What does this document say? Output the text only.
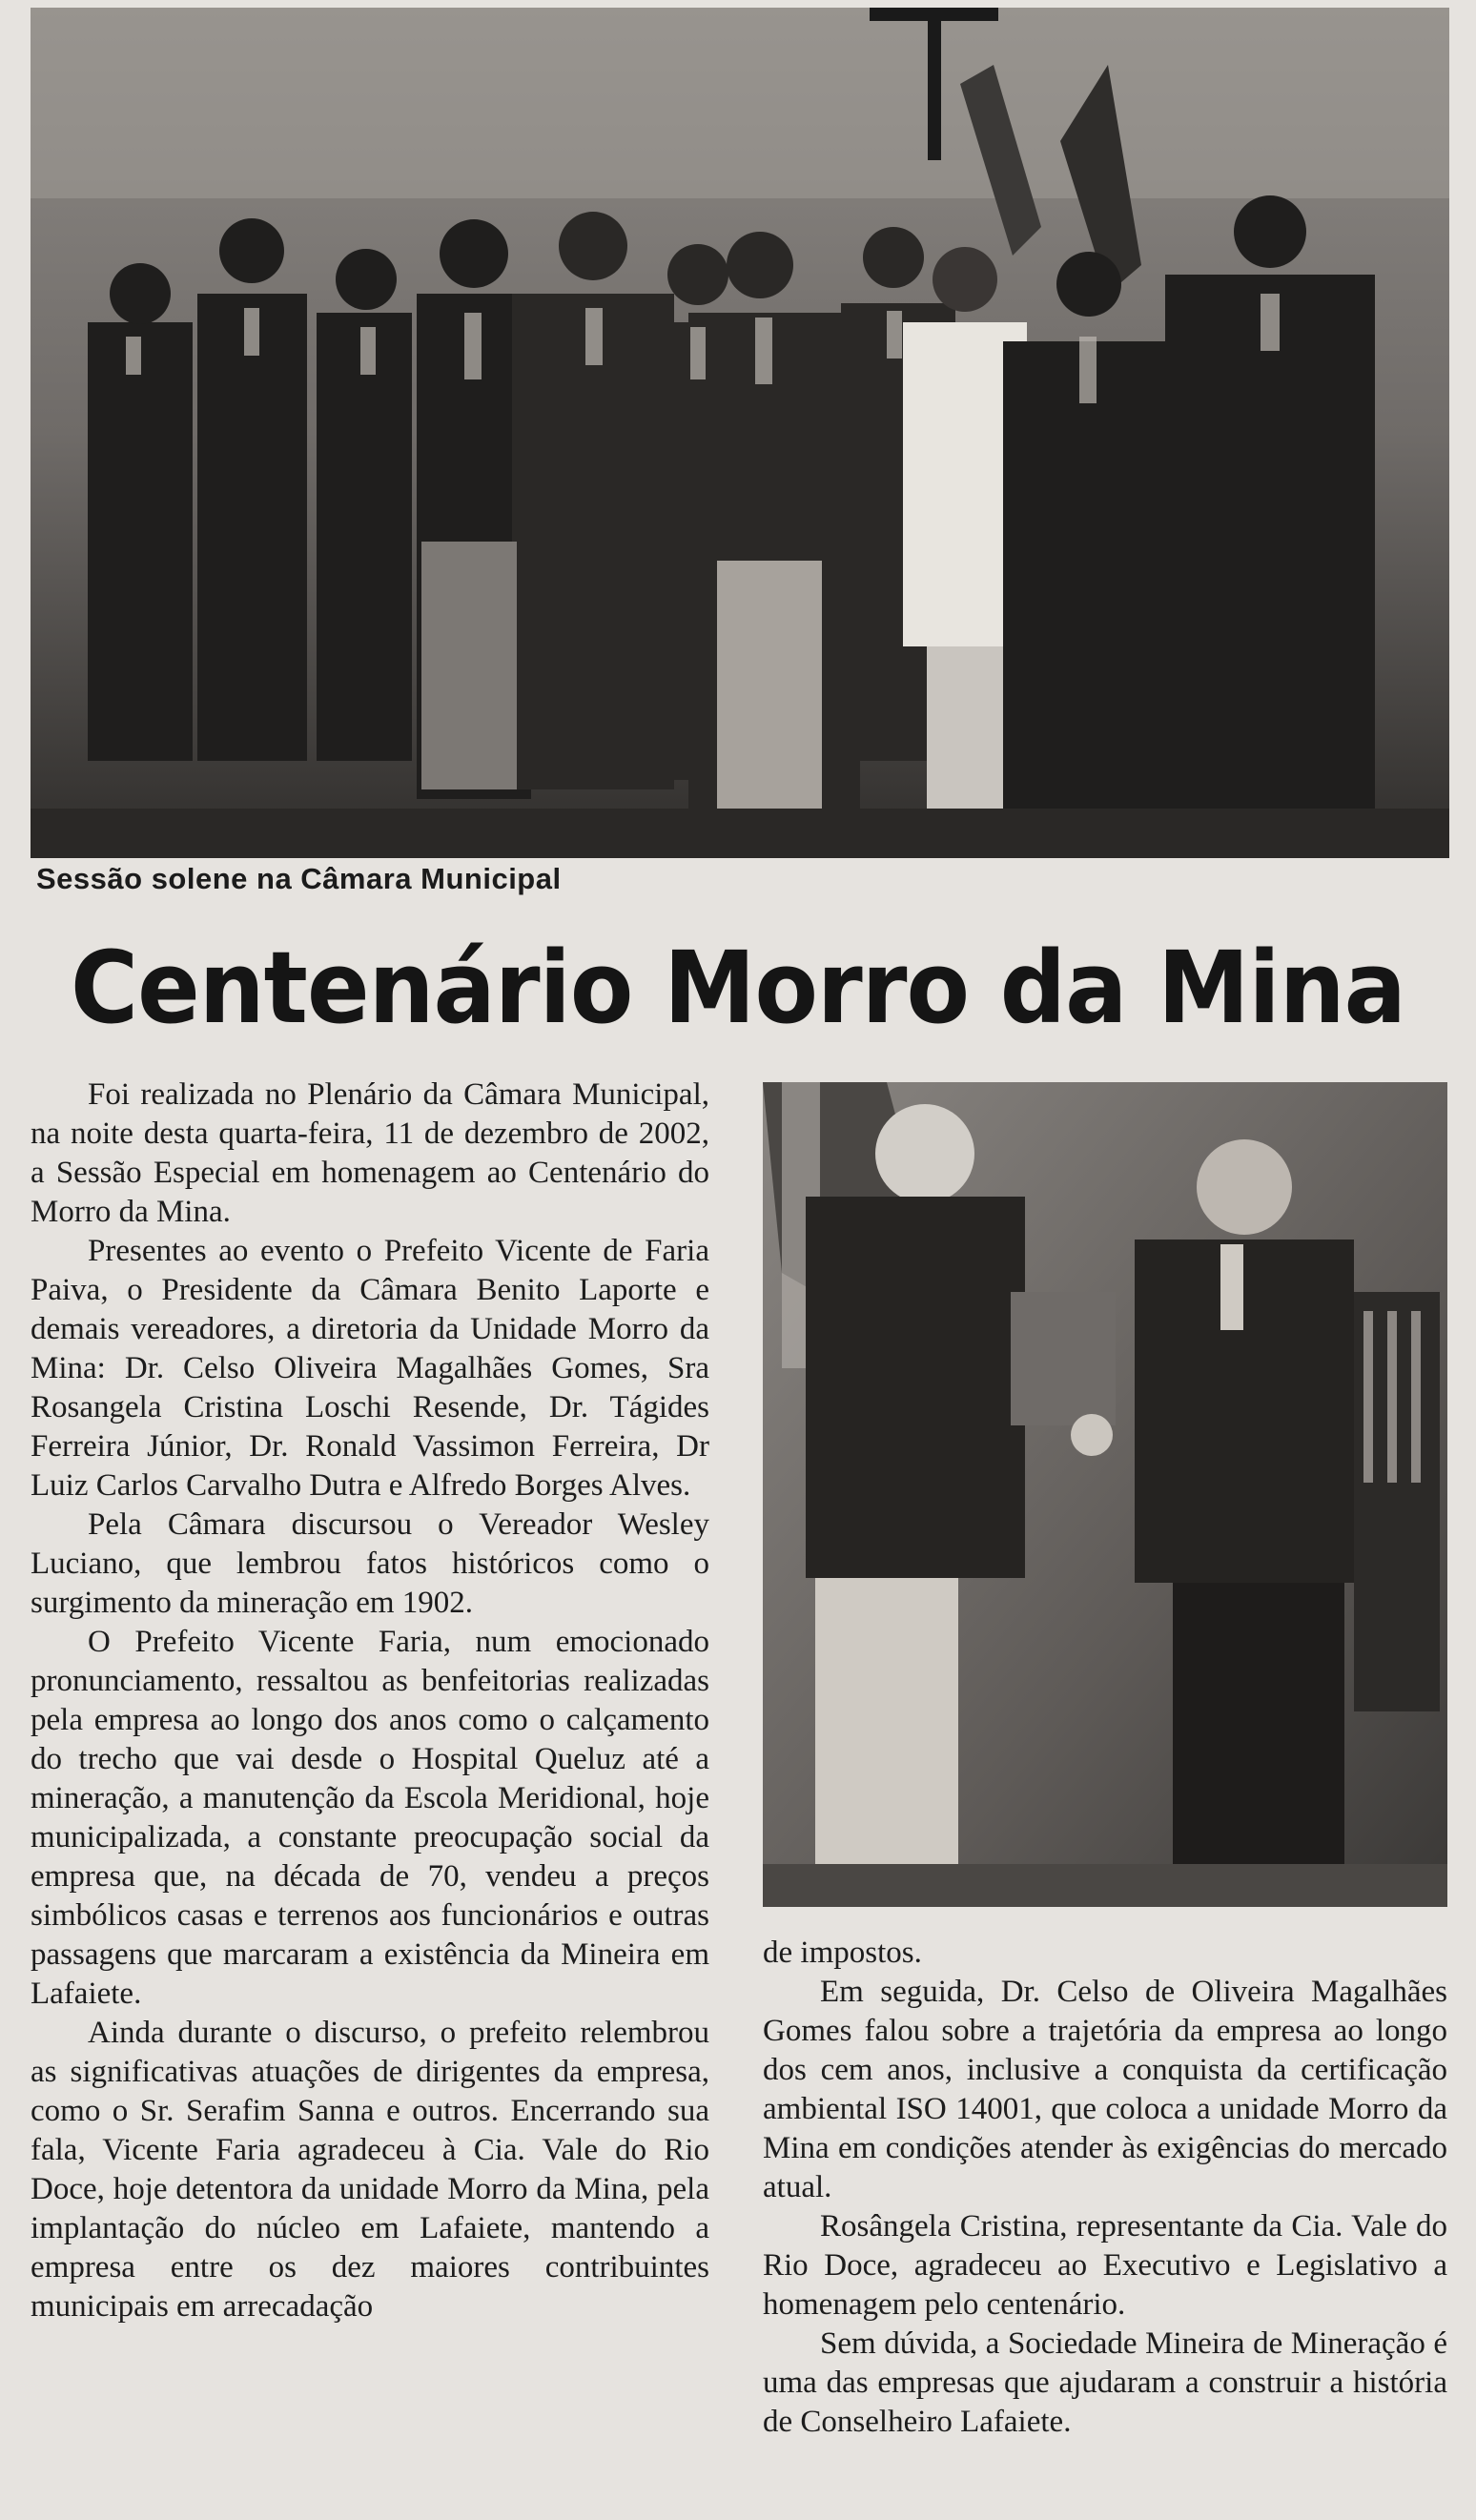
Sessão solene na Câmara Municipal
Centenário Morro da Mina

Foi realizada no Plenário da Câmara Municipal, na noite desta quarta-feira, 11 de dezembro de 2002, a Sessão Especial em homenagem ao Centenário do Morro da Mina.

Presentes ao evento o Prefeito Vicente de Faria Paiva, o Presidente da Câmara Benito Laporte e demais vereadores, a diretoria da Unidade Morro da Mina: Dr. Celso Oliveira Magalhães Gomes, Sra Rosangela Cristina Loschi Resende, Dr. Tágides Ferreira Júnior, Dr. Ronald Vassimon Ferreira, Dr Luiz Carlos Carvalho Dutra e Alfredo Borges Alves.

Pela Câmara discursou o Vereador Wesley Luciano, que lembrou fatos históricos como o surgimento da mineração em 1902.

O Prefeito Vicente Faria, num emocionado pronunciamento, ressaltou as benfeitorias realizadas pela empresa ao longo dos anos como o calçamento do trecho que vai desde o Hospital Queluz até a mineração, a manutenção da Escola Meridional, hoje municipalizada, a constante preocupação social da empresa que, na década de 70, vendeu a preços simbólicos casas e terrenos aos funcionários e outras passagens que marcaram a existência da Mineira em Lafaiete.

Ainda durante o discurso, o prefeito relembrou as significativas atuações de dirigentes da empresa, como o Sr. Serafim Sanna e outros. Encerrando sua fala, Vicente Faria agradeceu à Cia. Vale do Rio Doce, hoje detentora da unidade Morro da Mina, pela implantação do núcleo em Lafaiete, mantendo a empresa entre os dez maiores contribuintes municipais em arrecadação

de impostos.

Em seguida, Dr. Celso de Oliveira Magalhães Gomes falou sobre a trajetória da empresa ao longo dos cem anos, inclusive a conquista da certificação ambiental ISO 14001, que coloca a unidade Morro da Mina em condições atender às exigências do mercado atual.

Rosângela Cristina, representante da Cia. Vale do Rio Doce, agradeceu ao Executivo e Legislativo a homenagem pelo centenário.

Sem dúvida, a Sociedade Mineira de Mineração é uma das empresas que ajudaram a construir a história de Conselheiro Lafaiete.
